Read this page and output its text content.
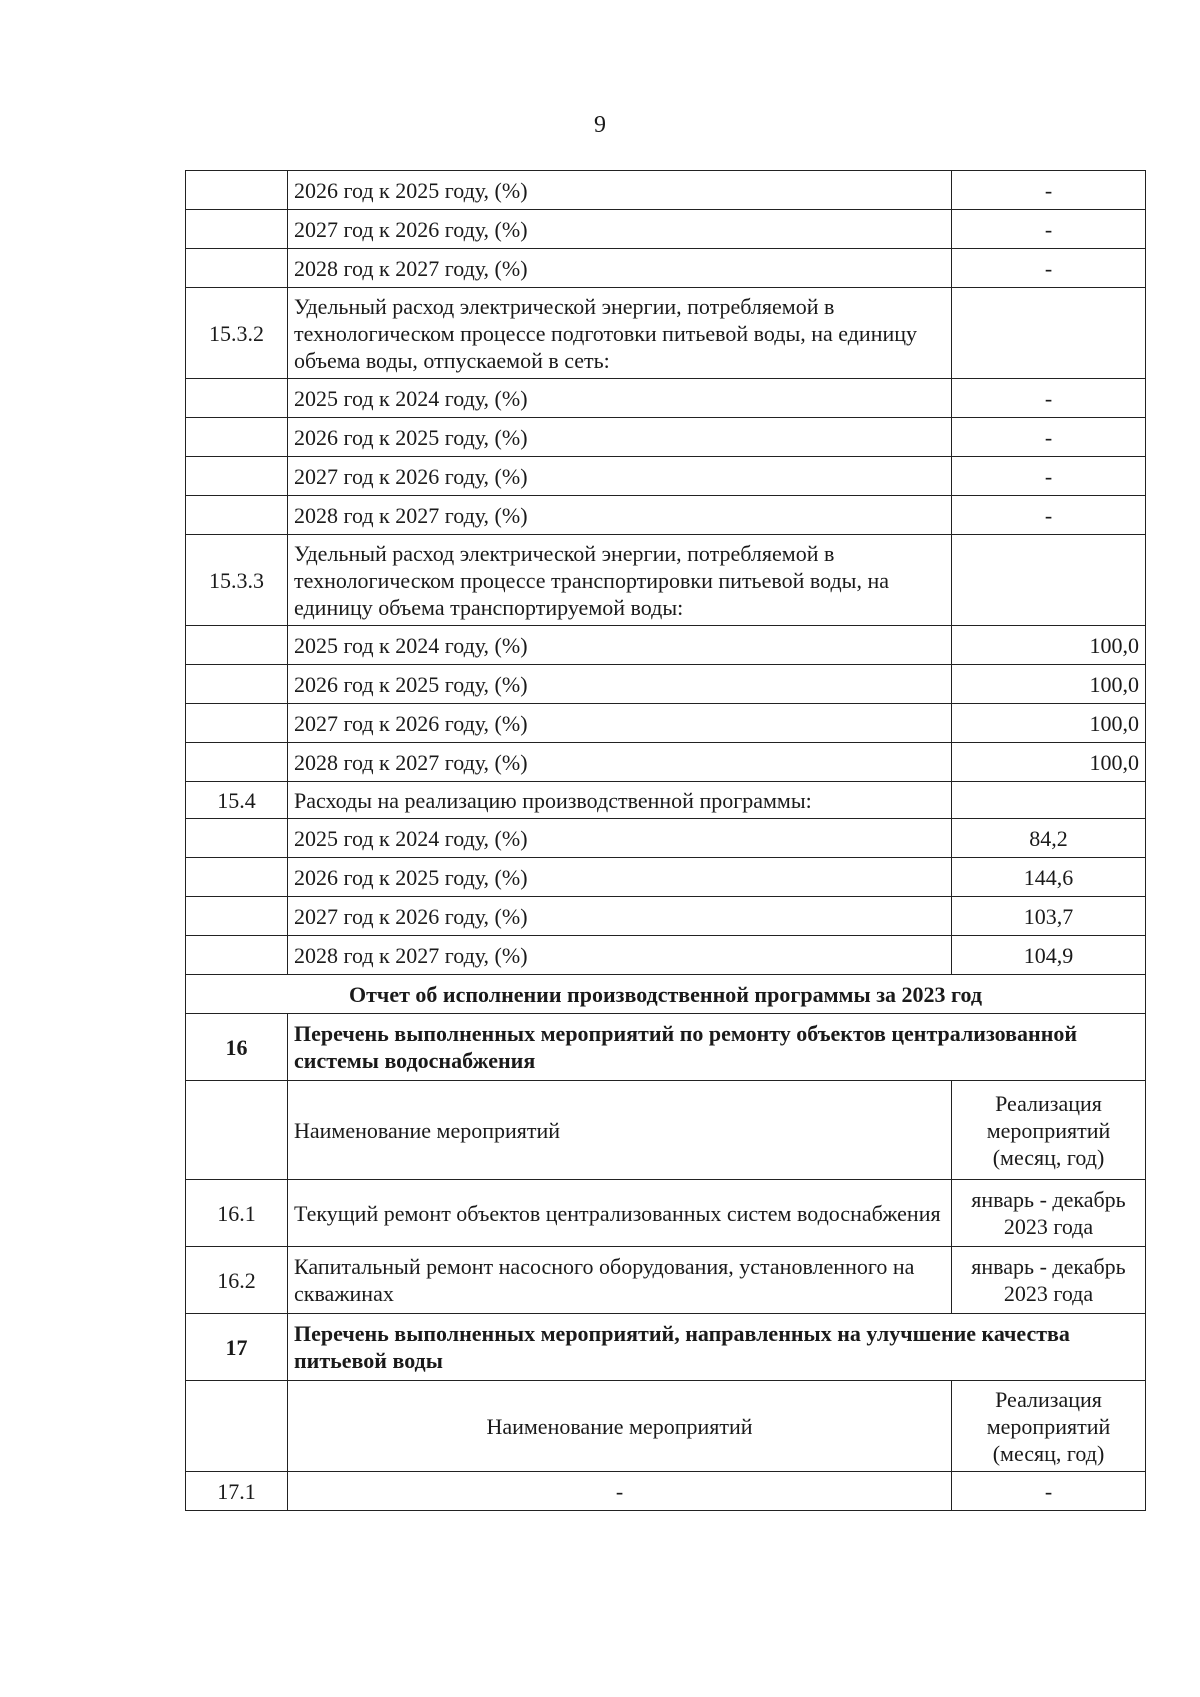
9
	2026 год к 2025 году, (%)	-
	2027 год к 2026 году, (%)	-
	2028 год к 2027 году, (%)	-
15.3.2	Удельный расход электрической энергии, потребляемой в технологическом процессе подготовки питьевой воды, на единицу объема воды, отпускаемой в сеть:	
	2025 год к 2024 году, (%)	-
	2026 год к 2025 году, (%)	-
	2027 год к 2026 году, (%)	-
	2028 год к 2027 году, (%)	-
15.3.3	Удельный расход электрической энергии, потребляемой в технологическом процессе транспортировки питьевой воды, на единицу объема транспортируемой воды:	
	2025 год к 2024 году, (%)	100,0
	2026 год к 2025 году, (%)	100,0
	2027 год к 2026 году, (%)	100,0
	2028 год к 2027 году, (%)	100,0
15.4	Расходы на реализацию производственной программы:	
	2025 год к 2024 году, (%)	84,2
	2026 год к 2025 году, (%)	144,6
	2027 год к 2026 году, (%)	103,7
	2028 год к 2027 году, (%)	104,9
Отчет об исполнении производственной программы за 2023 год		
16	Перечень выполненных мероприятий по ремонту объектов централизованной системы водоснабжения	
	Наименование мероприятий	Реализация мероприятий (месяц, год)
16.1	Текущий ремонт объектов централизованных систем водоснабжения	январь - декабрь 2023 года
16.2	Капитальный ремонт насосного оборудования, установленного на скважинах	январь - декабрь 2023 года
17	Перечень выполненных мероприятий, направленных на улучшение качества питьевой воды	
	Наименование мероприятий	Реализация мероприятий (месяц, год)
17.1	-	-
